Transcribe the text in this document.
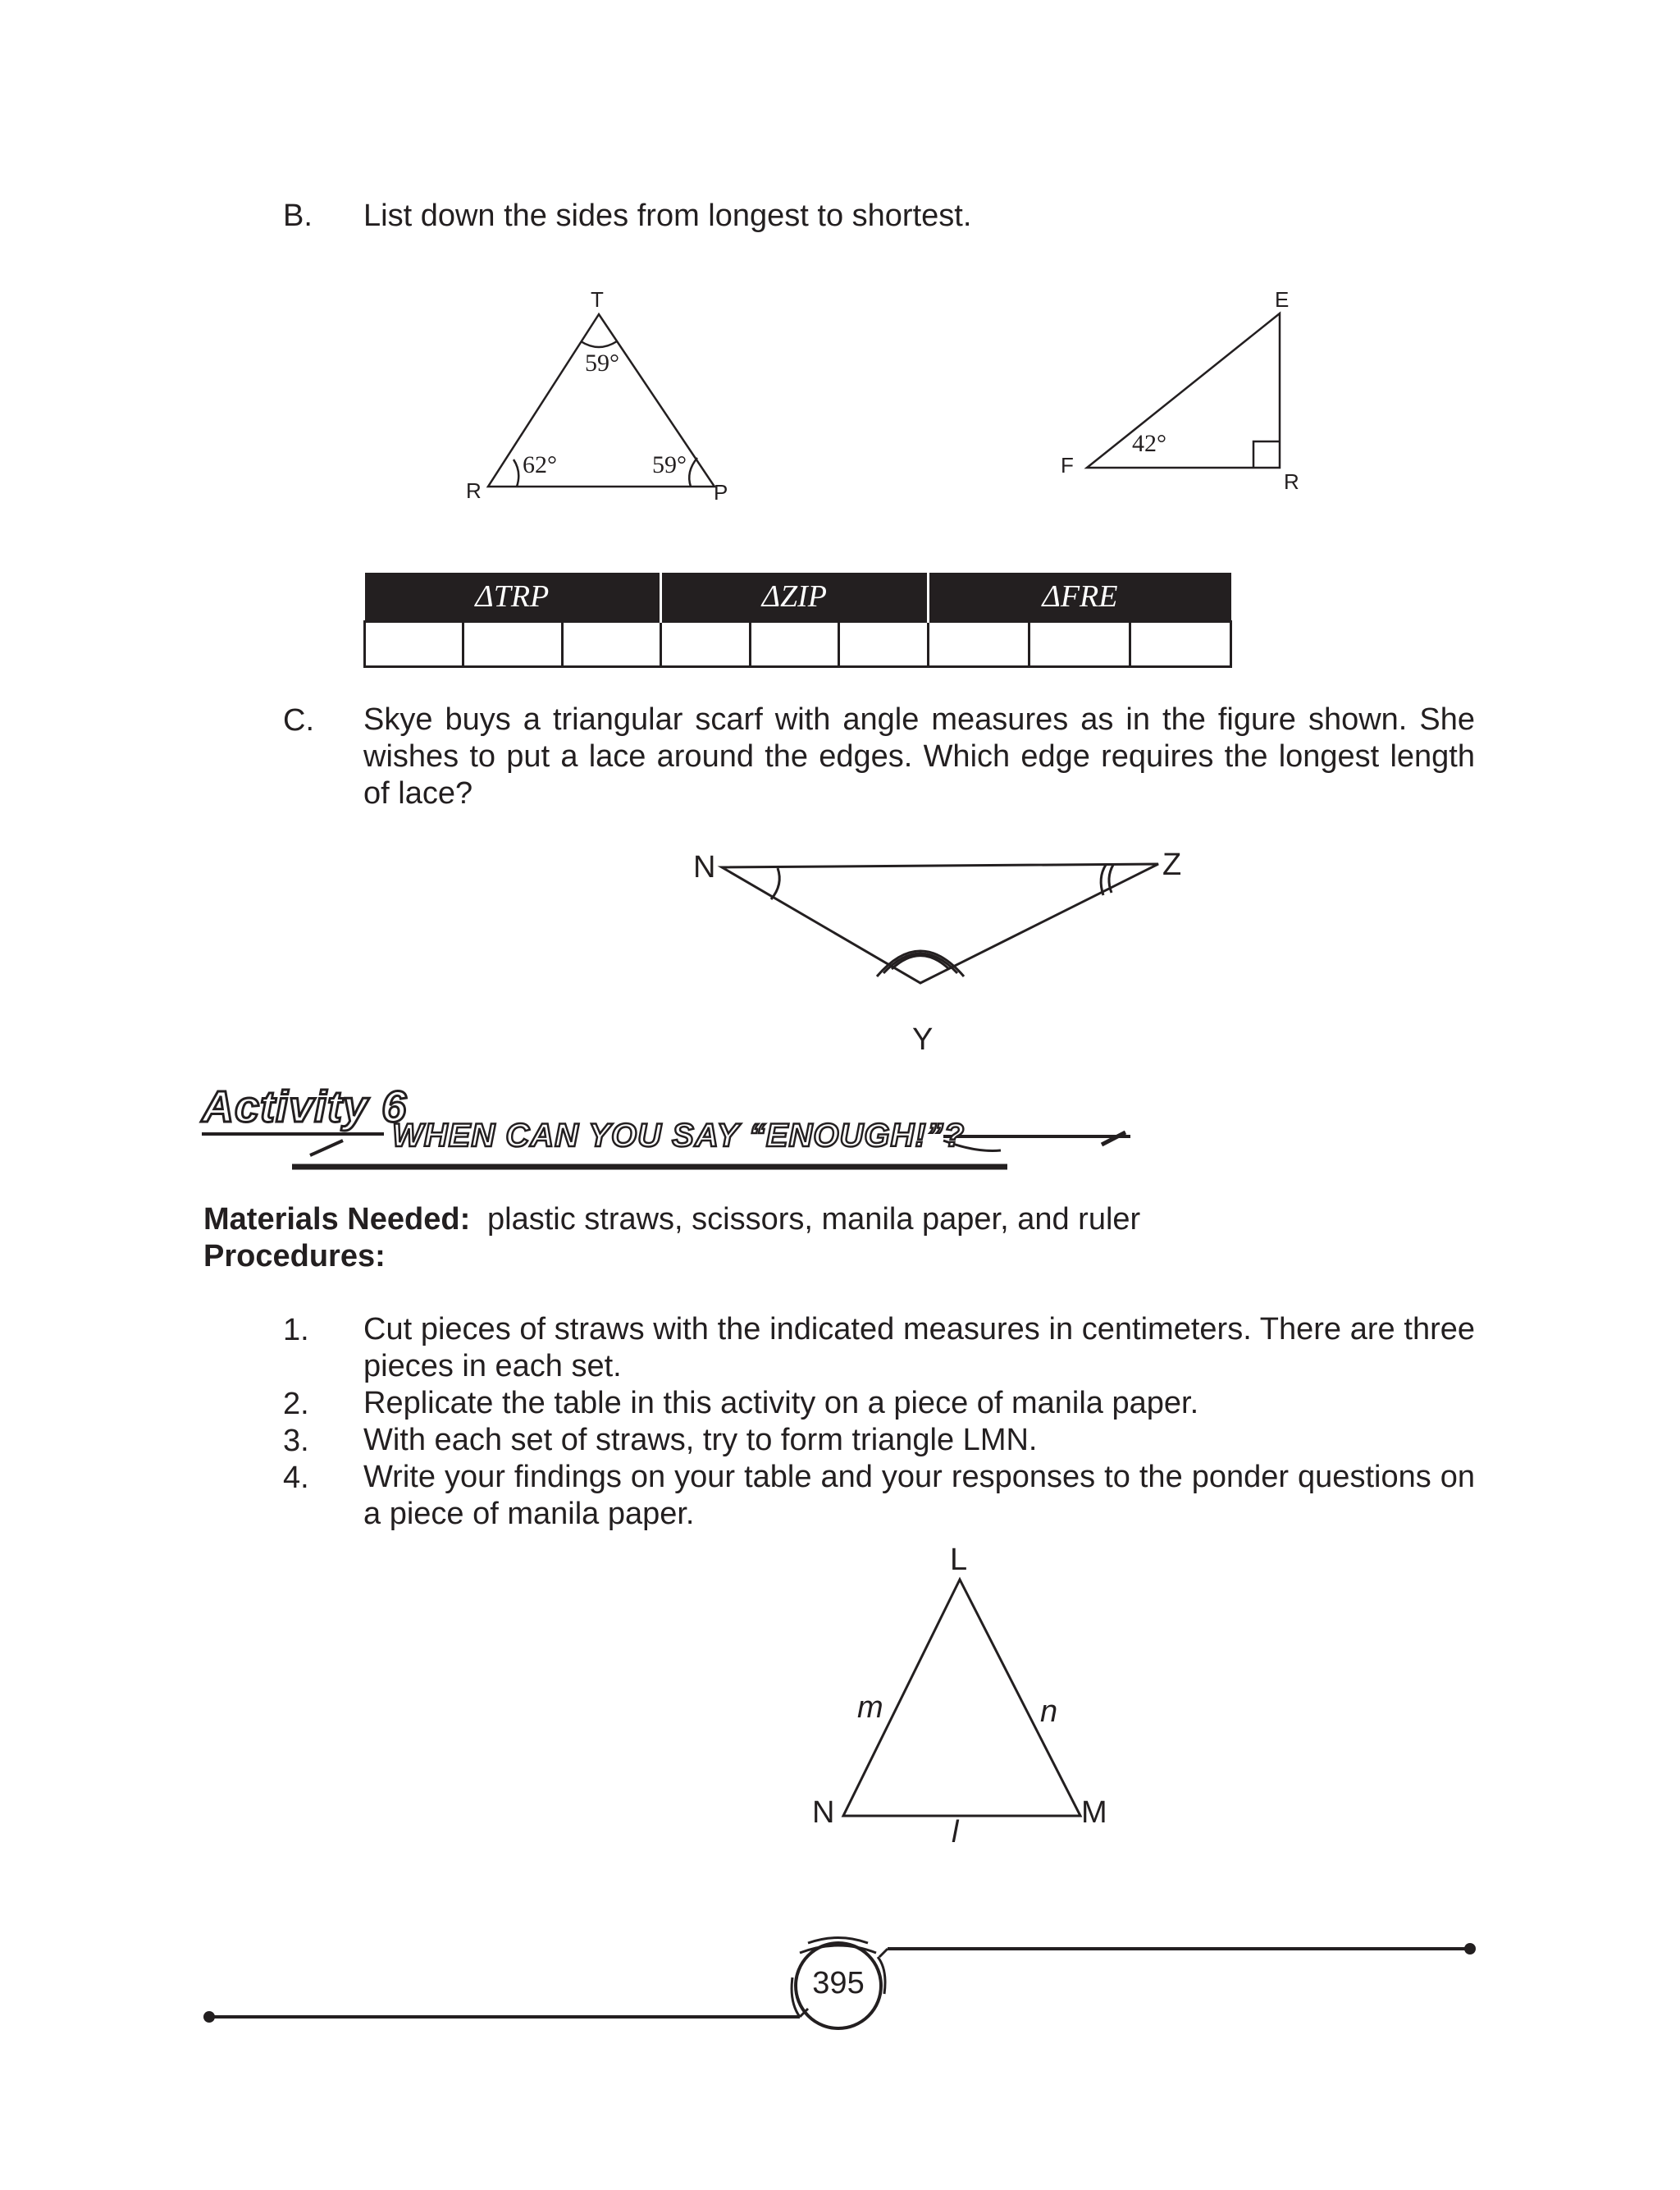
B. List down the sides from longest to shortest.
T
R	P
59°
62°	59°
E
F
R
42°
ΔTRP			ΔZIP			ΔFRE		

C. Skye buys a triangular scarf with angle measures as in the figure shown. She wishes to put a lace around the edges. Which edge requires the longest length of lace?
N	Z
Y
Activity 6
WHEN CAN YOU SAY “ENOUGH!”?
Materials Needed: plastic straws, scissors, manila paper, and ruler
Procedures:
1. Cut pieces of straws with the indicated measures in centimeters. There are three pieces in each set.
2. Replicate the table in this activity on a piece of manila paper.
3. With each set of straws, try to form triangle LMN.
4. Write your findings on your table and your responses to the ponder questions on a piece of manila paper.
L
N	M
m	n
l
395
